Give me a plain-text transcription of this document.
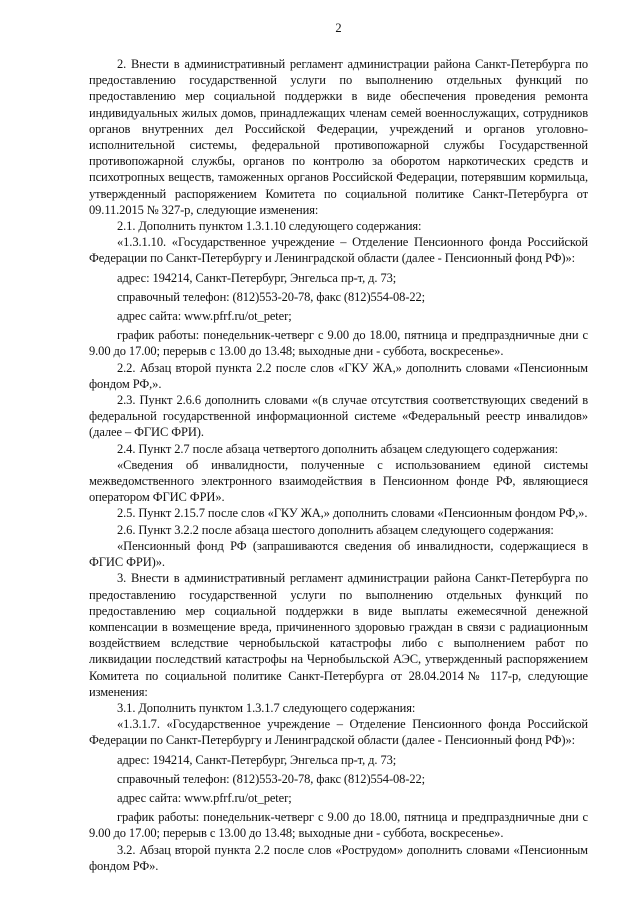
2

2. Внести в административный регламент администрации района Санкт-Петербурга по предоставлению государственной услуги по выполнению отдельных функций по предоставлению мер социальной поддержки в виде обеспечения проведения ремонта индивидуальных жилых домов, принадлежащих членам семей военнослужащих, сотрудников органов внутренних дел Российской Федерации, учреждений и органов уголовно-исполнительной системы, федеральной противопожарной службы Государственной противопожарной службы, органов по контролю за оборотом наркотических средств и психотропных веществ, таможенных органов Российской Федерации, потерявшим кормильца, утвержденный распоряжением Комитета по социальной политике Санкт-Петербурга от 09.11.2015 № 327-р, следующие изменения:

2.1. Дополнить пунктом 1.3.1.10 следующего содержания:

«1.3.1.10. «Государственное учреждение – Отделение Пенсионного фонда Российской Федерации по Санкт-Петербургу и Ленинградской области (далее - Пенсионный фонд РФ)»:

адрес: 194214, Санкт-Петербург, Энгельса пр-т, д. 73;

справочный телефон: (812)553-20-78, факс (812)554-08-22;

адрес сайта: www.pfrf.ru/ot_peter;

график работы: понедельник-четверг с 9.00 до 18.00, пятница и предпраздничные дни с 9.00 до 17.00; перерыв с 13.00 до 13.48; выходные дни - суббота, воскресенье».

2.2. Абзац второй пункта 2.2 после слов «ГКУ ЖА,» дополнить словами «Пенсионным фондом РФ,».

2.3. Пункт 2.6.6 дополнить словами «(в случае отсутствия соответствующих сведений в федеральной государственной информационной системе «Федеральный реестр инвалидов» (далее – ФГИС ФРИ).

2.4. Пункт 2.7 после абзаца четвертого дополнить абзацем следующего содержания:

«Сведения об инвалидности, полученные с использованием единой системы межведомственного электронного взаимодействия в Пенсионном фонде РФ, являющиеся оператором ФГИС ФРИ».

2.5. Пункт 2.15.7 после слов «ГКУ ЖА,» дополнить словами «Пенсионным фондом РФ,».

2.6. Пункт 3.2.2 после абзаца шестого дополнить абзацем следующего содержания:

«Пенсионный фонд РФ (запрашиваются сведения об инвалидности, содержащиеся в ФГИС ФРИ)».

3. Внести в административный регламент администрации района Санкт-Петербурга по предоставлению государственной услуги по выполнению отдельных функций по предоставлению мер социальной поддержки в виде выплаты ежемесячной денежной компенсации в возмещение вреда, причиненного здоровью граждан в связи с радиационным воздействием вследствие чернобыльской катастрофы либо с выполнением работ по ликвидации последствий катастрофы на Чернобыльской АЭС, утвержденный распоряжением Комитета по социальной политике Санкт-Петербурга от 28.04.2014№ 117-р, следующие изменения:

3.1. Дополнить пунктом 1.3.1.7 следующего содержания:

«1.3.1.7. «Государственное учреждение – Отделение Пенсионного фонда Российской Федерации по Санкт-Петербургу и Ленинградской области (далее - Пенсионный фонд РФ)»:

адрес: 194214, Санкт-Петербург, Энгельса пр-т, д. 73;

справочный телефон: (812)553-20-78, факс (812)554-08-22;

адрес сайта: www.pfrf.ru/ot_peter;

график работы: понедельник-четверг с 9.00 до 18.00, пятница и предпраздничные дни с 9.00 до 17.00; перерыв с 13.00 до 13.48; выходные дни - суббота, воскресенье».

3.2. Абзац второй пункта 2.2 после слов «Рострудом» дополнить словами «Пенсионным фондом РФ».
